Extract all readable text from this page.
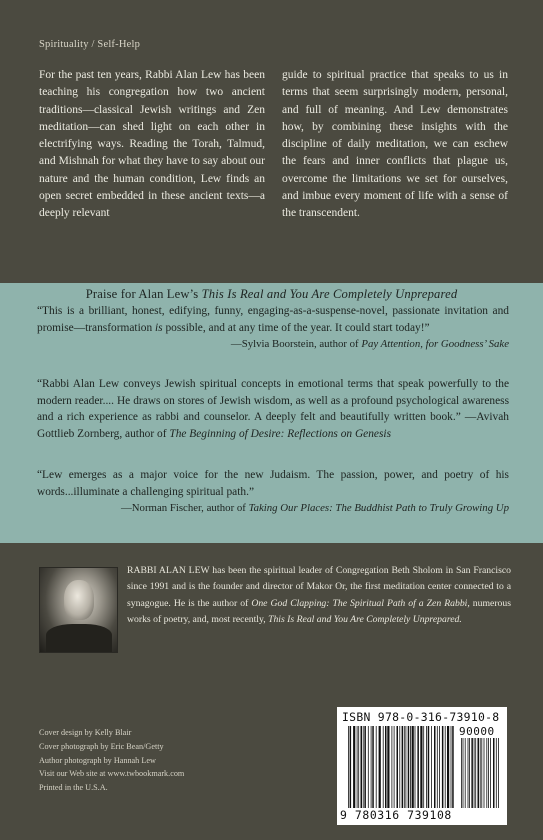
Spirituality / Self-Help
For the past ten years, Rabbi Alan Lew has been teaching his congregation how two ancient traditions—classical Jewish writings and Zen meditation—can shed light on each other in electrifying ways. Reading the Torah, Talmud, and Mishnah for what they have to say about our nature and the human condition, Lew finds an open secret embedded in these ancient texts—a deeply relevant
guide to spiritual practice that speaks to us in terms that seem surprisingly modern, personal, and full of meaning. And Lew demonstrates how, by combining these insights with the discipline of daily meditation, we can eschew the fears and inner conflicts that plague us, overcome the limitations we set for ourselves, and imbue every moment of life with a sense of the transcendent.
Praise for Alan Lew’s This Is Real and You Are Completely Unprepared
“This is a brilliant, honest, edifying, funny, engaging-as-a-suspense-novel, passionate invitation and promise—transformation is possible, and at any time of the year. It could start today!”
—Sylvia Boorstein, author of Pay Attention, for Goodness’ Sake
“Rabbi Alan Lew conveys Jewish spiritual concepts in emotional terms that speak powerfully to the modern reader.... He draws on stores of Jewish wisdom, as well as a profound psychological awareness and a rich experience as rabbi and counselor. A deeply felt and beautifully written book.” —Avivah Gottlieb Zornberg, author of The Beginning of Desire: Reflections on Genesis
“Lew emerges as a major voice for the new Judaism. The passion, power, and poetry of his words...illuminate a challenging spiritual path.”
—Norman Fischer, author of Taking Our Places: The Buddhist Path to Truly Growing Up
RABBI ALAN LEW has been the spiritual leader of Congregation Beth Sholom in San Francisco since 1991 and is the founder and director of Makor Or, the first meditation center connected to a synagogue. He is the author of One God Clapping: The Spiritual Path of a Zen Rabbi, numerous works of poetry, and, most recently, This Is Real and You Are Completely Unprepared.
Cover design by Kelly Blair
Cover photograph by Eric Bean/Getty
Author photograph by Hannah Lew
Visit our Web site at www.twbookmark.com
Printed in the U.S.A.
ISBN 978-0-316-73910-8
90000
9 780316 739108
